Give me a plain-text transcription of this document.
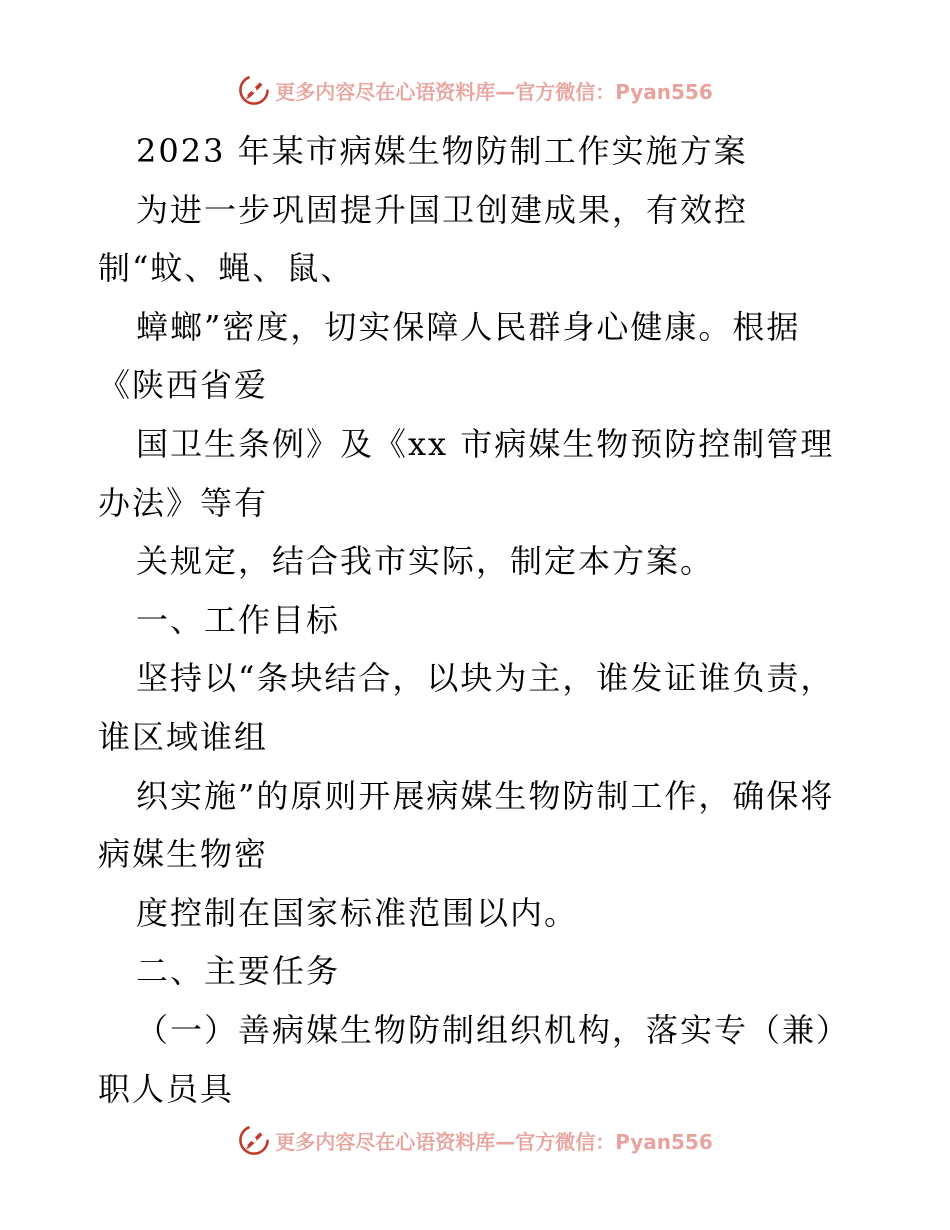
更多内容尽在心语资料库—官方微信：Pyan556
2023 年某市病媒生物防制工作实施方案
为进一步巩固提升国卫创建成果，有效控
制“蚊、蝇、鼠、
蟑螂”密度，切实保障人民群身心健康。根据
《陕西省爱
国卫生条例》及《xx 市病媒生物预防控制管理
办法》等有
关规定，结合我市实际，制定本方案。
一、工作目标
坚持以“条块结合，以块为主，谁发证谁负责，
谁区域谁组
织实施”的原则开展病媒生物防制工作，确保将
病媒生物密
度控制在国家标准范围以内。
二、主要任务
（一）善病媒生物防制组织机构，落实专（兼）
职人员具
更多内容尽在心语资料库—官方微信：Pyan556
